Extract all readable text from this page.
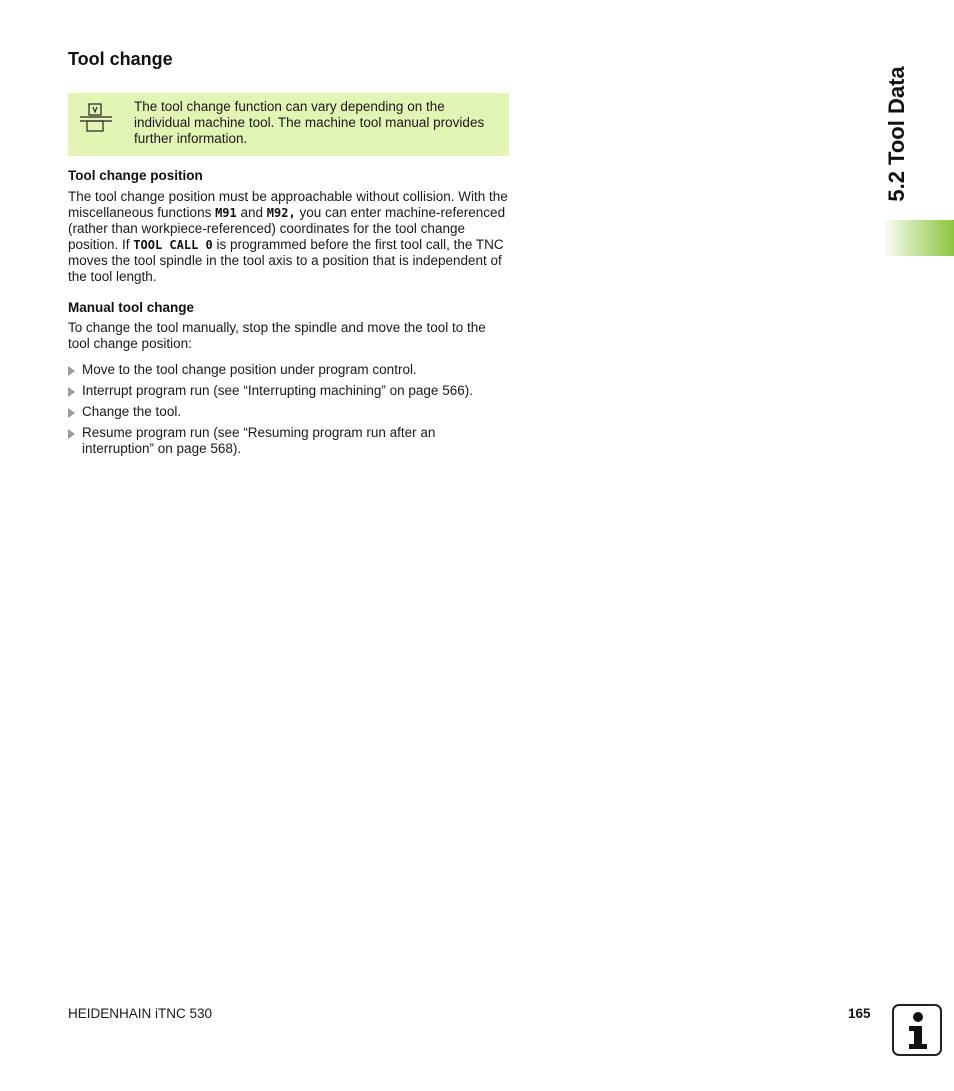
Tool change
The tool change function can vary depending on the individual machine tool. The machine tool manual provides further information.
Tool change position

The tool change position must be approachable without collision. With the miscellaneous functions M91 and M92, you can enter machine-referenced (rather than workpiece-referenced) coordinates for the tool change position. If TOOL CALL 0 is programmed before the first tool call, the TNC moves the tool spindle in the tool axis to a position that is independent of the tool length.

Manual tool change

To change the tool manually, stop the spindle and move the tool to the tool change position:

Move to the tool change position under program control.
Interrupt program run (see “Interrupting machining” on page 566).
Change the tool.
Resume program run (see “Resuming program run after an interruption” on page 568).
5.2 Tool Data
HEIDENHAIN iTNC 530	165
